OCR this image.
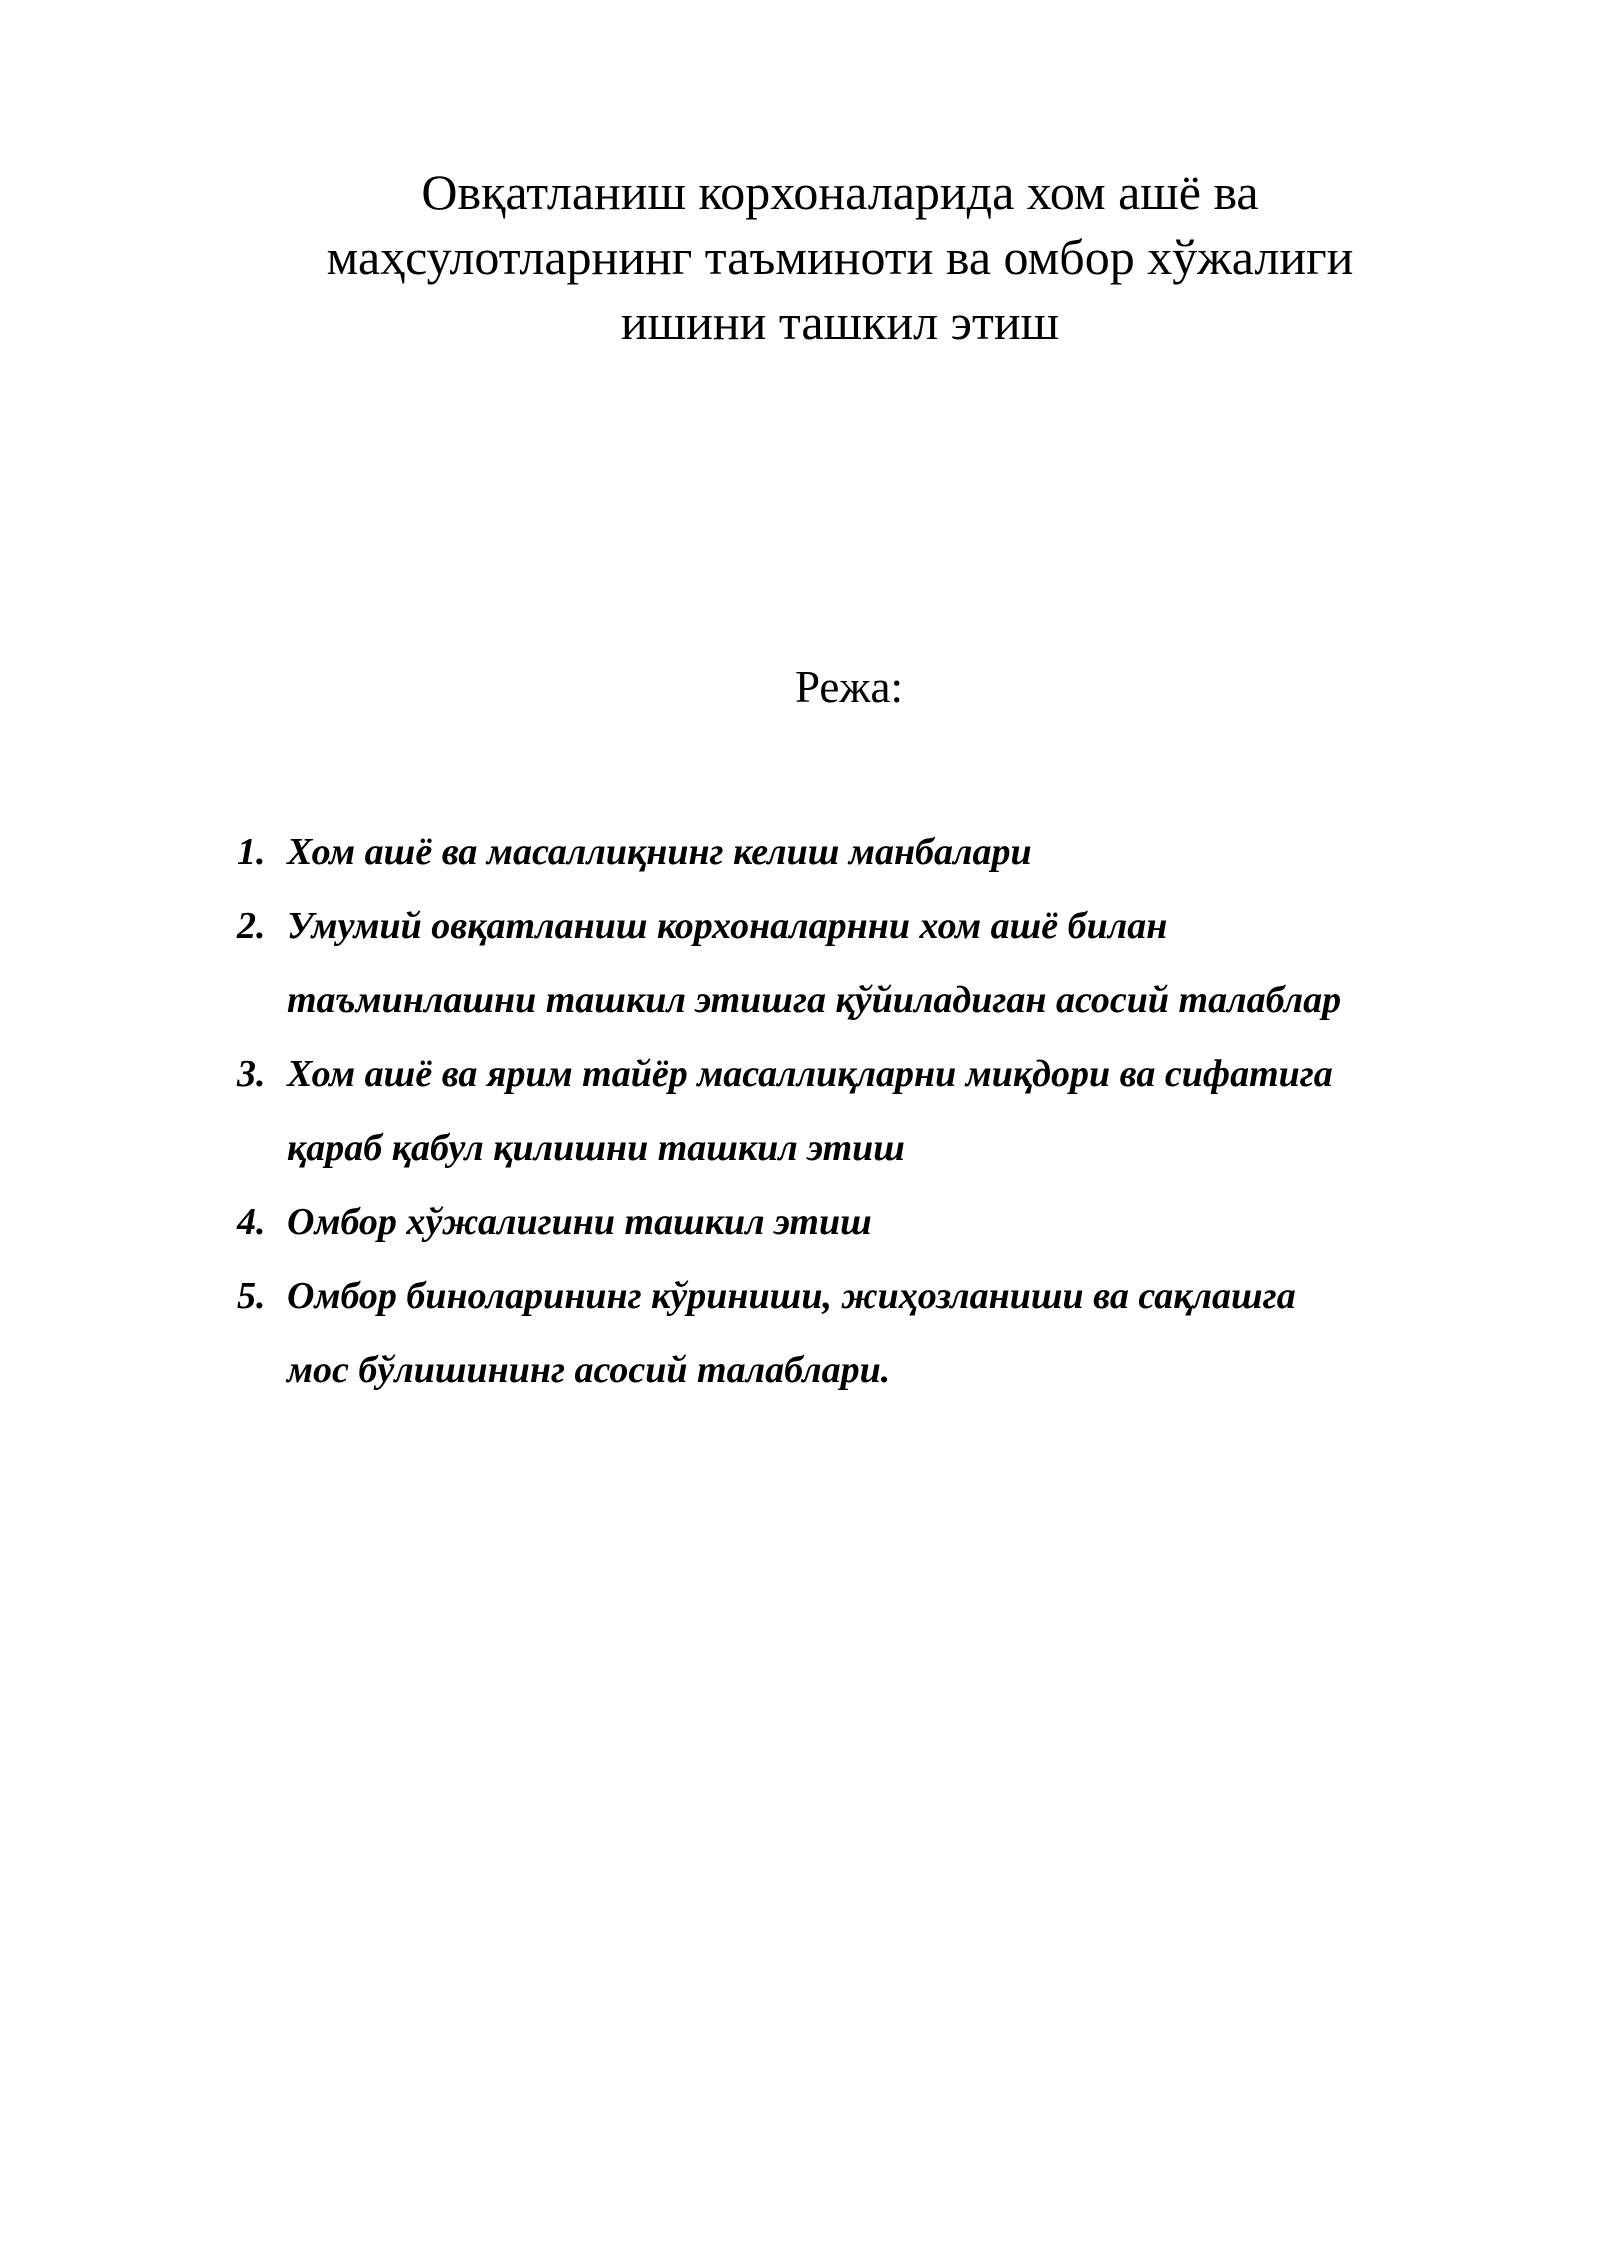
Овқатланиш корхоналарида хом ашё ва
маҳсулотларнинг таъминоти ва омбор хўжалиги
ишини ташкил этиш
Режа:
1. Хом ашё ва масаллиқнинг келиш манбалари
2. Умумий овқатланиш корхоналарнни хом ашё билан
таъминлашни ташкил этишга қўйиладиган асосий талаблар
3. Хом ашё ва ярим тайёр масаллиқларни миқдори ва сифатига
қараб қабул қилишни ташкил этиш
4. Омбор хўжалигини ташкил этиш
5. Омбор биноларининг кўриниши, жиҳозланиши ва сақлашга
мос бўлишининг асосий талаблари.
